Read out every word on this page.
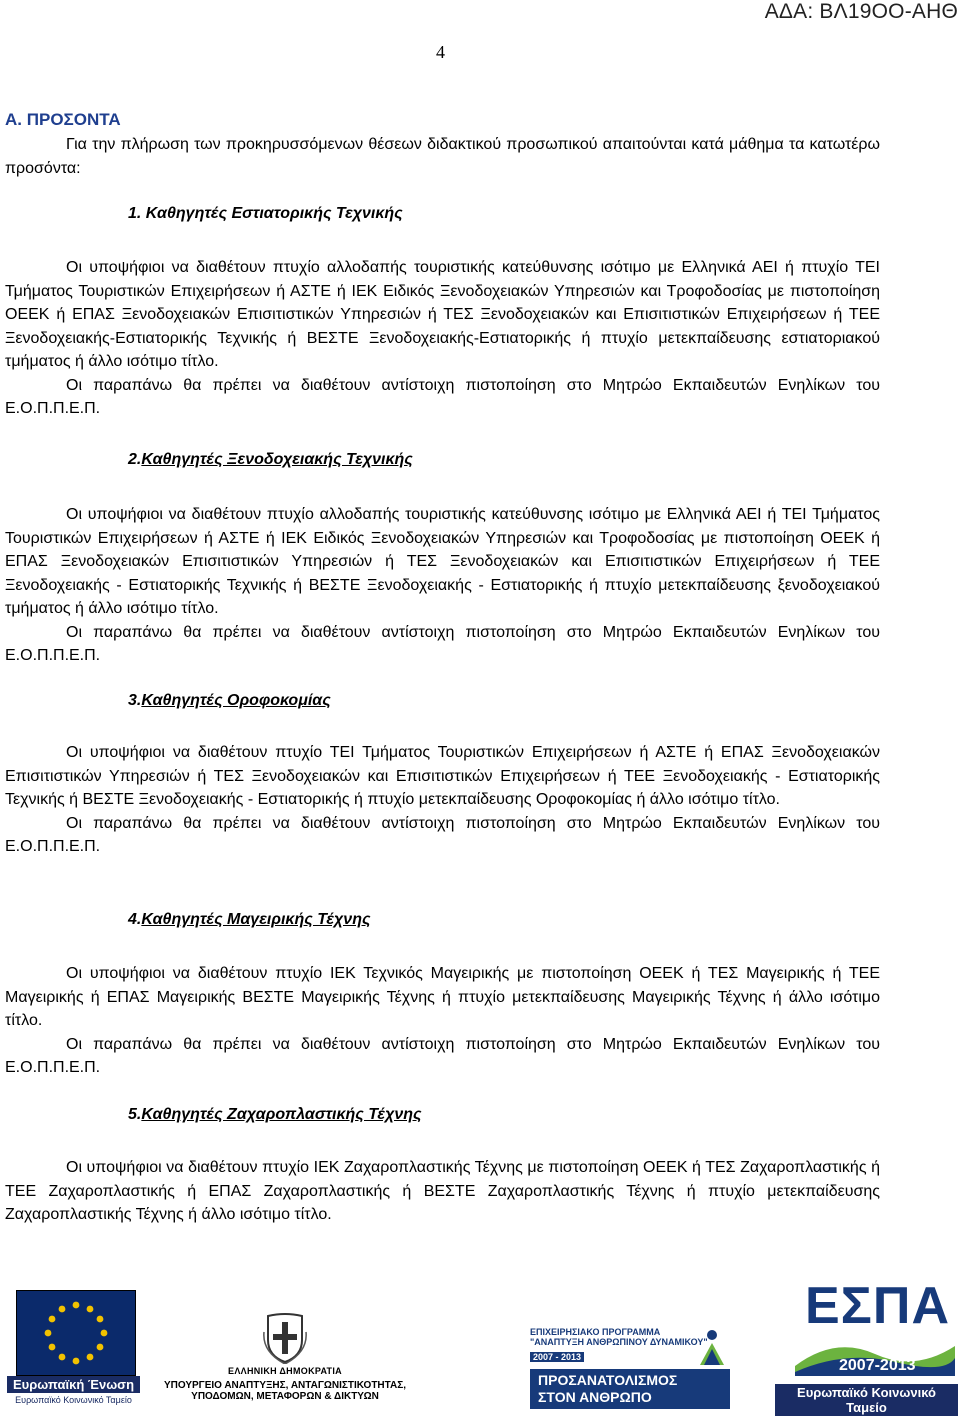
ΑΔΑ: ΒΛ19ΟΟ-ΑΗΘ
4
Α. ΠΡΟΣΟΝΤΑ

Για την πλήρωση των προκηρυσσόμενων θέσεων διδακτικού προσωπικού απαιτούνται κατά μάθημα τα κατωτέρω προσόντα:

1. Καθηγητές Εστιατορικής Τεχνικής

Οι υποψήφιοι να διαθέτουν πτυχίο αλλοδαπής τουριστικής κατεύθυνσης ισότιμο με Ελληνικά ΑΕΙ ή πτυχίο ΤΕΙ Τμήματος Τουριστικών Επιχειρήσεων ή ΑΣΤΕ ή ΙΕΚ Ειδικός Ξενοδοχειακών Υπηρεσιών και Τροφοδοσίας με πιστοποίηση ΟΕΕΚ ή ΕΠΑΣ Ξενοδοχειακών Επισιτιστικών Υπηρεσιών ή ΤΕΣ Ξενοδοχειακών και Επισιτιστικών Επιχειρήσεων ή ΤΕΕ Ξενοδοχειακής-Εστιατορικής Τεχνικής ή ΒΕΣΤΕ Ξενοδοχειακής-Εστιατορικής ή πτυχίο μετεκπαίδευσης εστιατοριακού τμήματος ή άλλο ισότιμο τίτλο.

Οι παραπάνω θα πρέπει να διαθέτουν αντίστοιχη πιστοποίηση στο Μητρώο Εκπαιδευτών Ενηλίκων του Ε.Ο.Π.Π.Ε.Π.

2.Καθηγητές Ξενοδοχειακής Τεχνικής

Οι υποψήφιοι να διαθέτουν πτυχίο αλλοδαπής τουριστικής κατεύθυνσης ισότιμο με Ελληνικά ΑΕΙ ή ΤΕΙ Τμήματος Τουριστικών Επιχειρήσεων ή ΑΣΤΕ ή ΙΕΚ Ειδικός Ξενοδοχειακών Υπηρεσιών και Τροφοδοσίας με πιστοποίηση ΟΕΕΚ ή ΕΠΑΣ Ξενοδοχειακών Επισιτιστικών Υπηρεσιών ή ΤΕΣ Ξενοδοχειακών και Επισιτιστικών Επιχειρήσεων ή ΤΕΕ Ξενοδοχειακής - Εστιατορικής Τεχνικής ή ΒΕΣΤΕ Ξενοδοχειακής - Εστιατορικής ή πτυχίο μετεκπαίδευσης ξενοδοχειακού τμήματος ή άλλο ισότιμο τίτλο.

Οι παραπάνω θα πρέπει να διαθέτουν αντίστοιχη πιστοποίηση στο Μητρώο Εκπαιδευτών Ενηλίκων του Ε.Ο.Π.Π.Ε.Π.

3.Καθηγητές Οροφοκομίας

Οι υποψήφιοι να διαθέτουν πτυχίο ΤΕΙ Τμήματος Τουριστικών Επιχειρήσεων ή ΑΣΤΕ ή ΕΠΑΣ Ξενοδοχειακών Επισιτιστικών Υπηρεσιών ή ΤΕΣ Ξενοδοχειακών και Επισιτιστικών Επιχειρήσεων ή ΤΕΕ Ξενοδοχειακής - Εστιατορικής Τεχνικής ή ΒΕΣΤΕ Ξενοδοχειακής - Εστιατορικής ή πτυχίο μετεκπαίδευσης Οροφοκομίας ή άλλο ισότιμο τίτλο.

Οι παραπάνω θα πρέπει να διαθέτουν αντίστοιχη πιστοποίηση στο Μητρώο Εκπαιδευτών Ενηλίκων του Ε.Ο.Π.Π.Ε.Π.

4.Καθηγητές Μαγειρικής Τέχνης

Οι υποψήφιοι να διαθέτουν πτυχίο ΙΕΚ Τεχνικός Μαγειρικής με πιστοποίηση ΟΕΕΚ ή ΤΕΣ Μαγειρικής ή ΤΕΕ Μαγειρικής ή ΕΠΑΣ Μαγειρικής ΒΕΣΤΕ Μαγειρικής Τέχνης ή πτυχίο μετεκπαίδευσης Μαγειρικής Τέχνης ή άλλο ισότιμο τίτλο.

Οι παραπάνω θα πρέπει να διαθέτουν αντίστοιχη πιστοποίηση στο Μητρώο Εκπαιδευτών Ενηλίκων του Ε.Ο.Π.Π.Ε.Π.

5.Καθηγητές Ζαχαροπλαστικής Τέχνης

Οι υποψήφιοι να διαθέτουν πτυχίο ΙΕΚ Ζαχαροπλαστικής Τέχνης με πιστοποίηση ΟΕΕΚ ή ΤΕΣ Ζαχαροπλαστικής ή ΤΕΕ Ζαχαροπλαστικής ή ΕΠΑΣ Ζαχαροπλαστικής ή ΒΕΣΤΕ Ζαχαροπλαστικής Τέχνης ή πτυχίο μετεκπαίδευσης Ζαχαροπλαστικής Τέχνης ή άλλο ισότιμο τίτλο.

Ευρωπαϊκή Ένωση
Ευρωπαϊκό Κοινωνικό Ταμείο
ΕΛΛΗΝΙΚΗ ΔΗΜΟΚΡΑΤΙΑ
ΥΠΟΥΡΓΕΙΟ ΑΝΑΠΤΥΞΗΣ, ΑΝΤΑΓΩΝΙΣΤΙΚΟΤΗΤΑΣ, ΥΠΟΔΟΜΩΝ, ΜΕΤΑΦΟΡΩΝ & ΔΙΚΤΥΩΝ
ΕΠΙΧΕΙΡΗΣΙΑΚΟ ΠΡΟΓΡΑΜΜΑ
"ΑΝΑΠΤΥΞΗ ΑΝΘΡΩΠΙΝΟΥ ΔΥΝΑΜΙΚΟΥ"
2007 - 2013
ΠΡΟΣΑΝΑΤΟΛΙΣΜΟΣ
ΣΤΟΝ ΑΝΘΡΩΠΟ
ΕΣΠΑ
2007-2013
Ευρωπαϊκό Κοινωνικό Ταμείο
